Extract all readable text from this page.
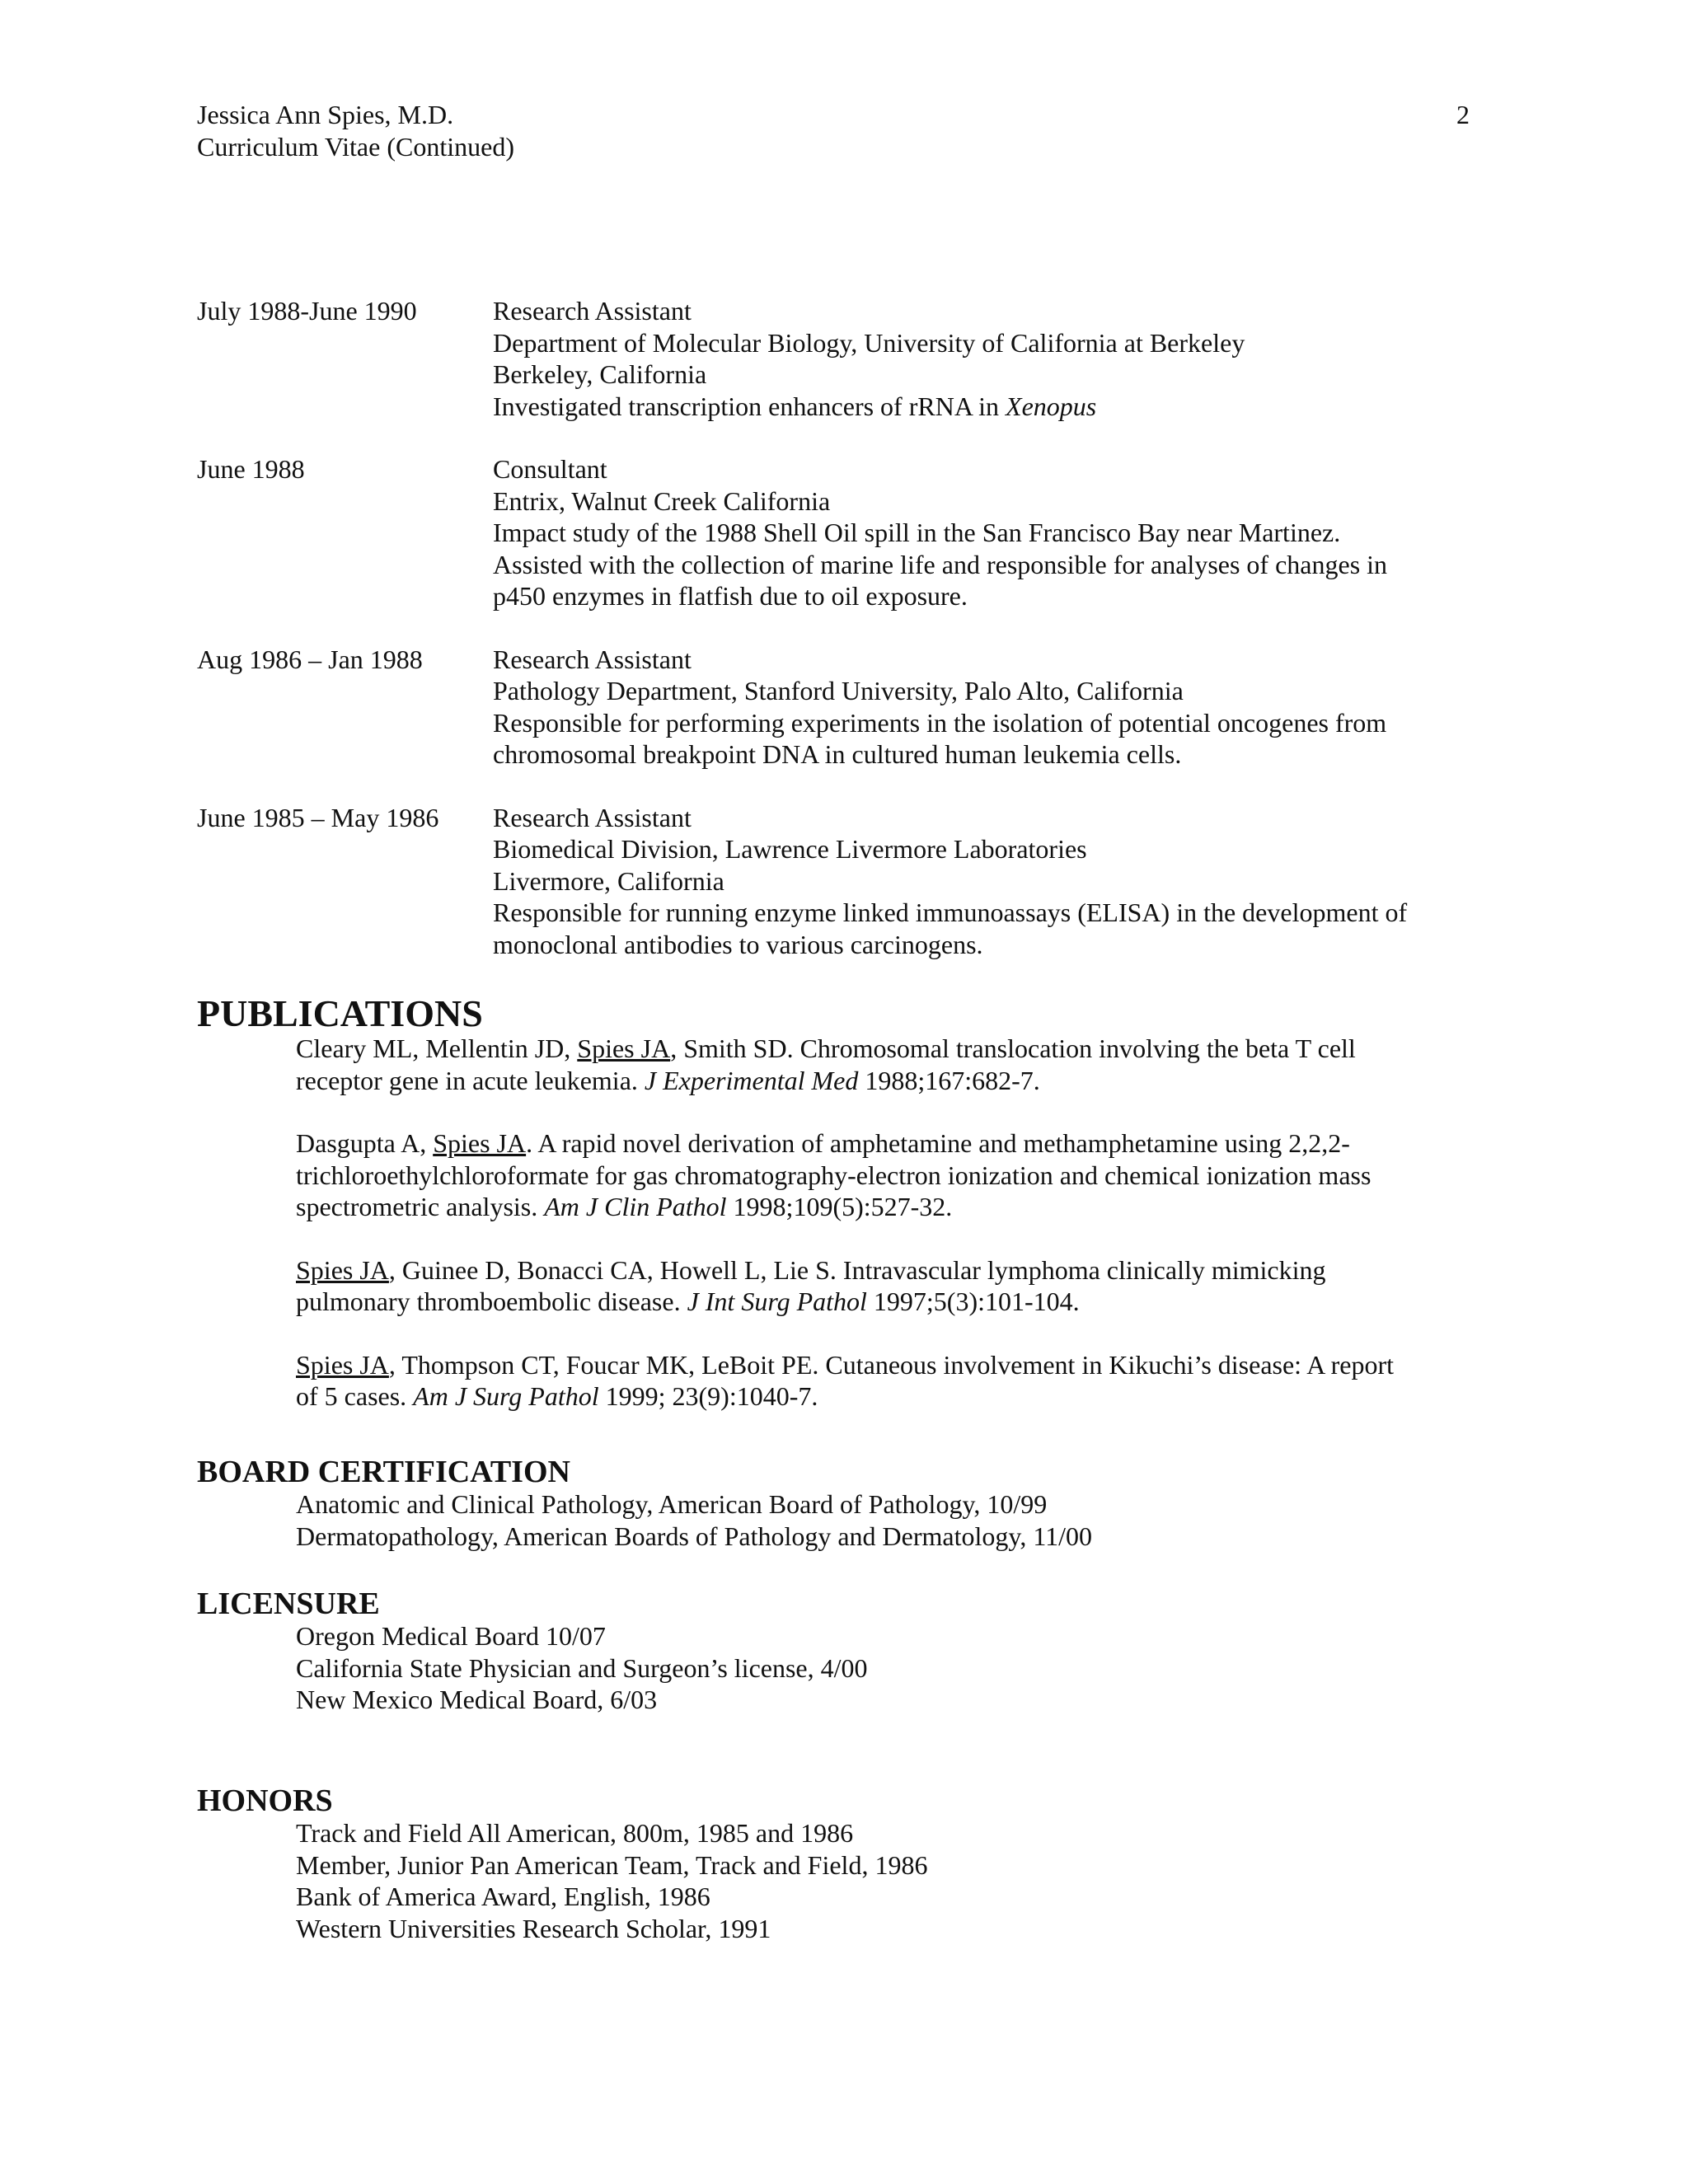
Jessica Ann Spies, M.D.
Curriculum Vitae (Continued)
2
July 1988-June 1990	Research Assistant
Department of Molecular Biology, University of California at Berkeley
Berkeley, California
Investigated transcription enhancers of rRNA in Xenopus
June 1988	Consultant
Entrix, Walnut Creek California
Impact study of the 1988 Shell Oil spill in the San Francisco Bay near Martinez.
Assisted with the collection of marine life and responsible for analyses of changes in
p450 enzymes in flatfish due to oil exposure.
Aug 1986 – Jan 1988	Research Assistant
Pathology Department, Stanford University, Palo Alto, California
Responsible for performing experiments in the isolation of potential oncogenes from
chromosomal breakpoint DNA in cultured human leukemia cells.
June 1985 – May 1986	Research Assistant
Biomedical Division, Lawrence Livermore Laboratories
Livermore, California
Responsible for running enzyme linked immunoassays (ELISA) in the development of
monoclonal antibodies to various carcinogens.
PUBLICATIONS
Cleary ML, Mellentin JD, Spies JA, Smith SD. Chromosomal translocation involving the beta T cell
receptor gene in acute leukemia. J Experimental Med 1988;167:682-7.
Dasgupta A, Spies JA. A rapid novel derivation of amphetamine and methamphetamine using 2,2,2-
trichloroethylchloroformate for gas chromatography-electron ionization and chemical ionization mass
spectrometric analysis. Am J Clin Pathol 1998;109(5):527-32.
Spies JA, Guinee D, Bonacci CA, Howell L, Lie S. Intravascular lymphoma clinically mimicking
pulmonary thromboembolic disease. J Int Surg Pathol 1997;5(3):101-104.
Spies JA, Thompson CT, Foucar MK, LeBoit PE. Cutaneous involvement in Kikuchi’s disease: A report
of 5 cases. Am J Surg Pathol 1999; 23(9):1040-7.
BOARD CERTIFICATION
Anatomic and Clinical Pathology, American Board of Pathology, 10/99
Dermatopathology, American Boards of Pathology and Dermatology, 11/00
LICENSURE
Oregon Medical Board 10/07
California State Physician and Surgeon’s license, 4/00
New Mexico Medical Board, 6/03
HONORS
Track and Field All American, 800m, 1985 and 1986
Member, Junior Pan American Team, Track and Field, 1986
Bank of America Award, English, 1986
Western Universities Research Scholar, 1991
